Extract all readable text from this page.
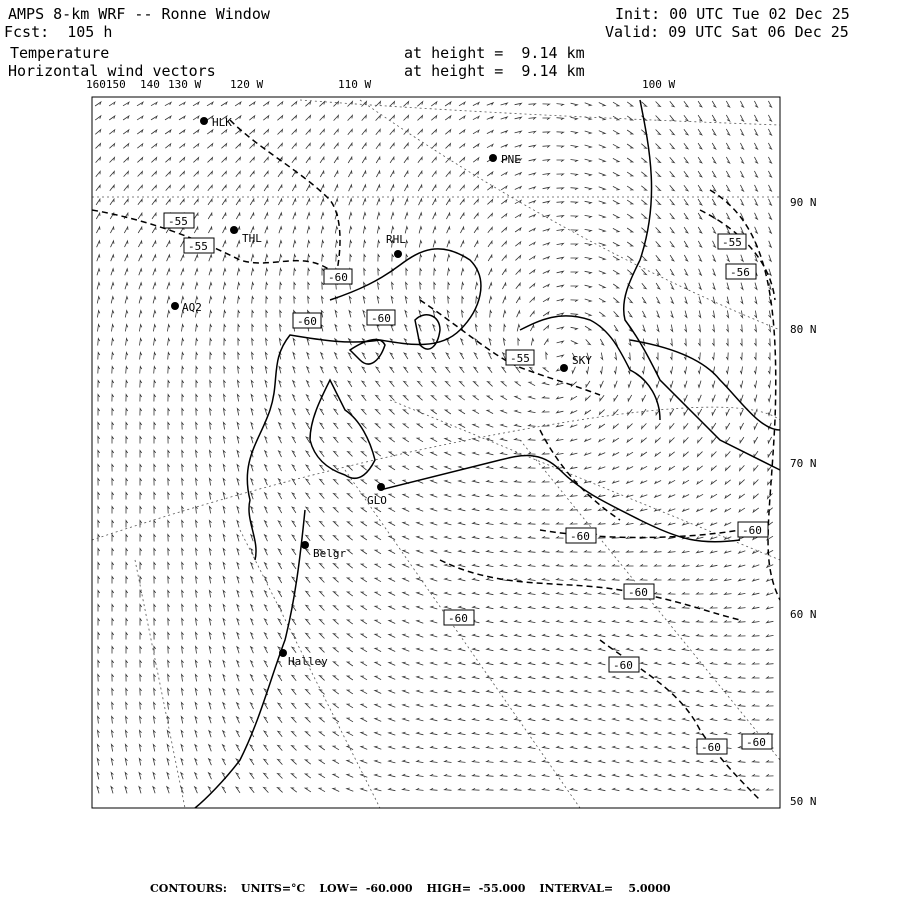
AMPS 8-km WRF -- Ronne Window
Fcst:  105 h
Temperature
Horizontal wind vectors
at height =  9.14 km
at height =  9.14 km
Init: 00 UTC Tue 02 Dec 25
Valid: 09 UTC Sat 06 Dec 25
160150 140 130 W	120 W	110 W	100 W
90 N
80 N
70 N
60 N
50 N
HLK
PNE
THL	RHL
AQ2
SKY
GLO
Belgr
Halley
-55
-55
-60
-60	-60
-55
-55
-56
-60
-60
-60
-60
-60
-60 -60
CONTOURS: UNITS=°C LOW=  -60.000 HIGH=  -55.000 INTERVAL=    5.0000
